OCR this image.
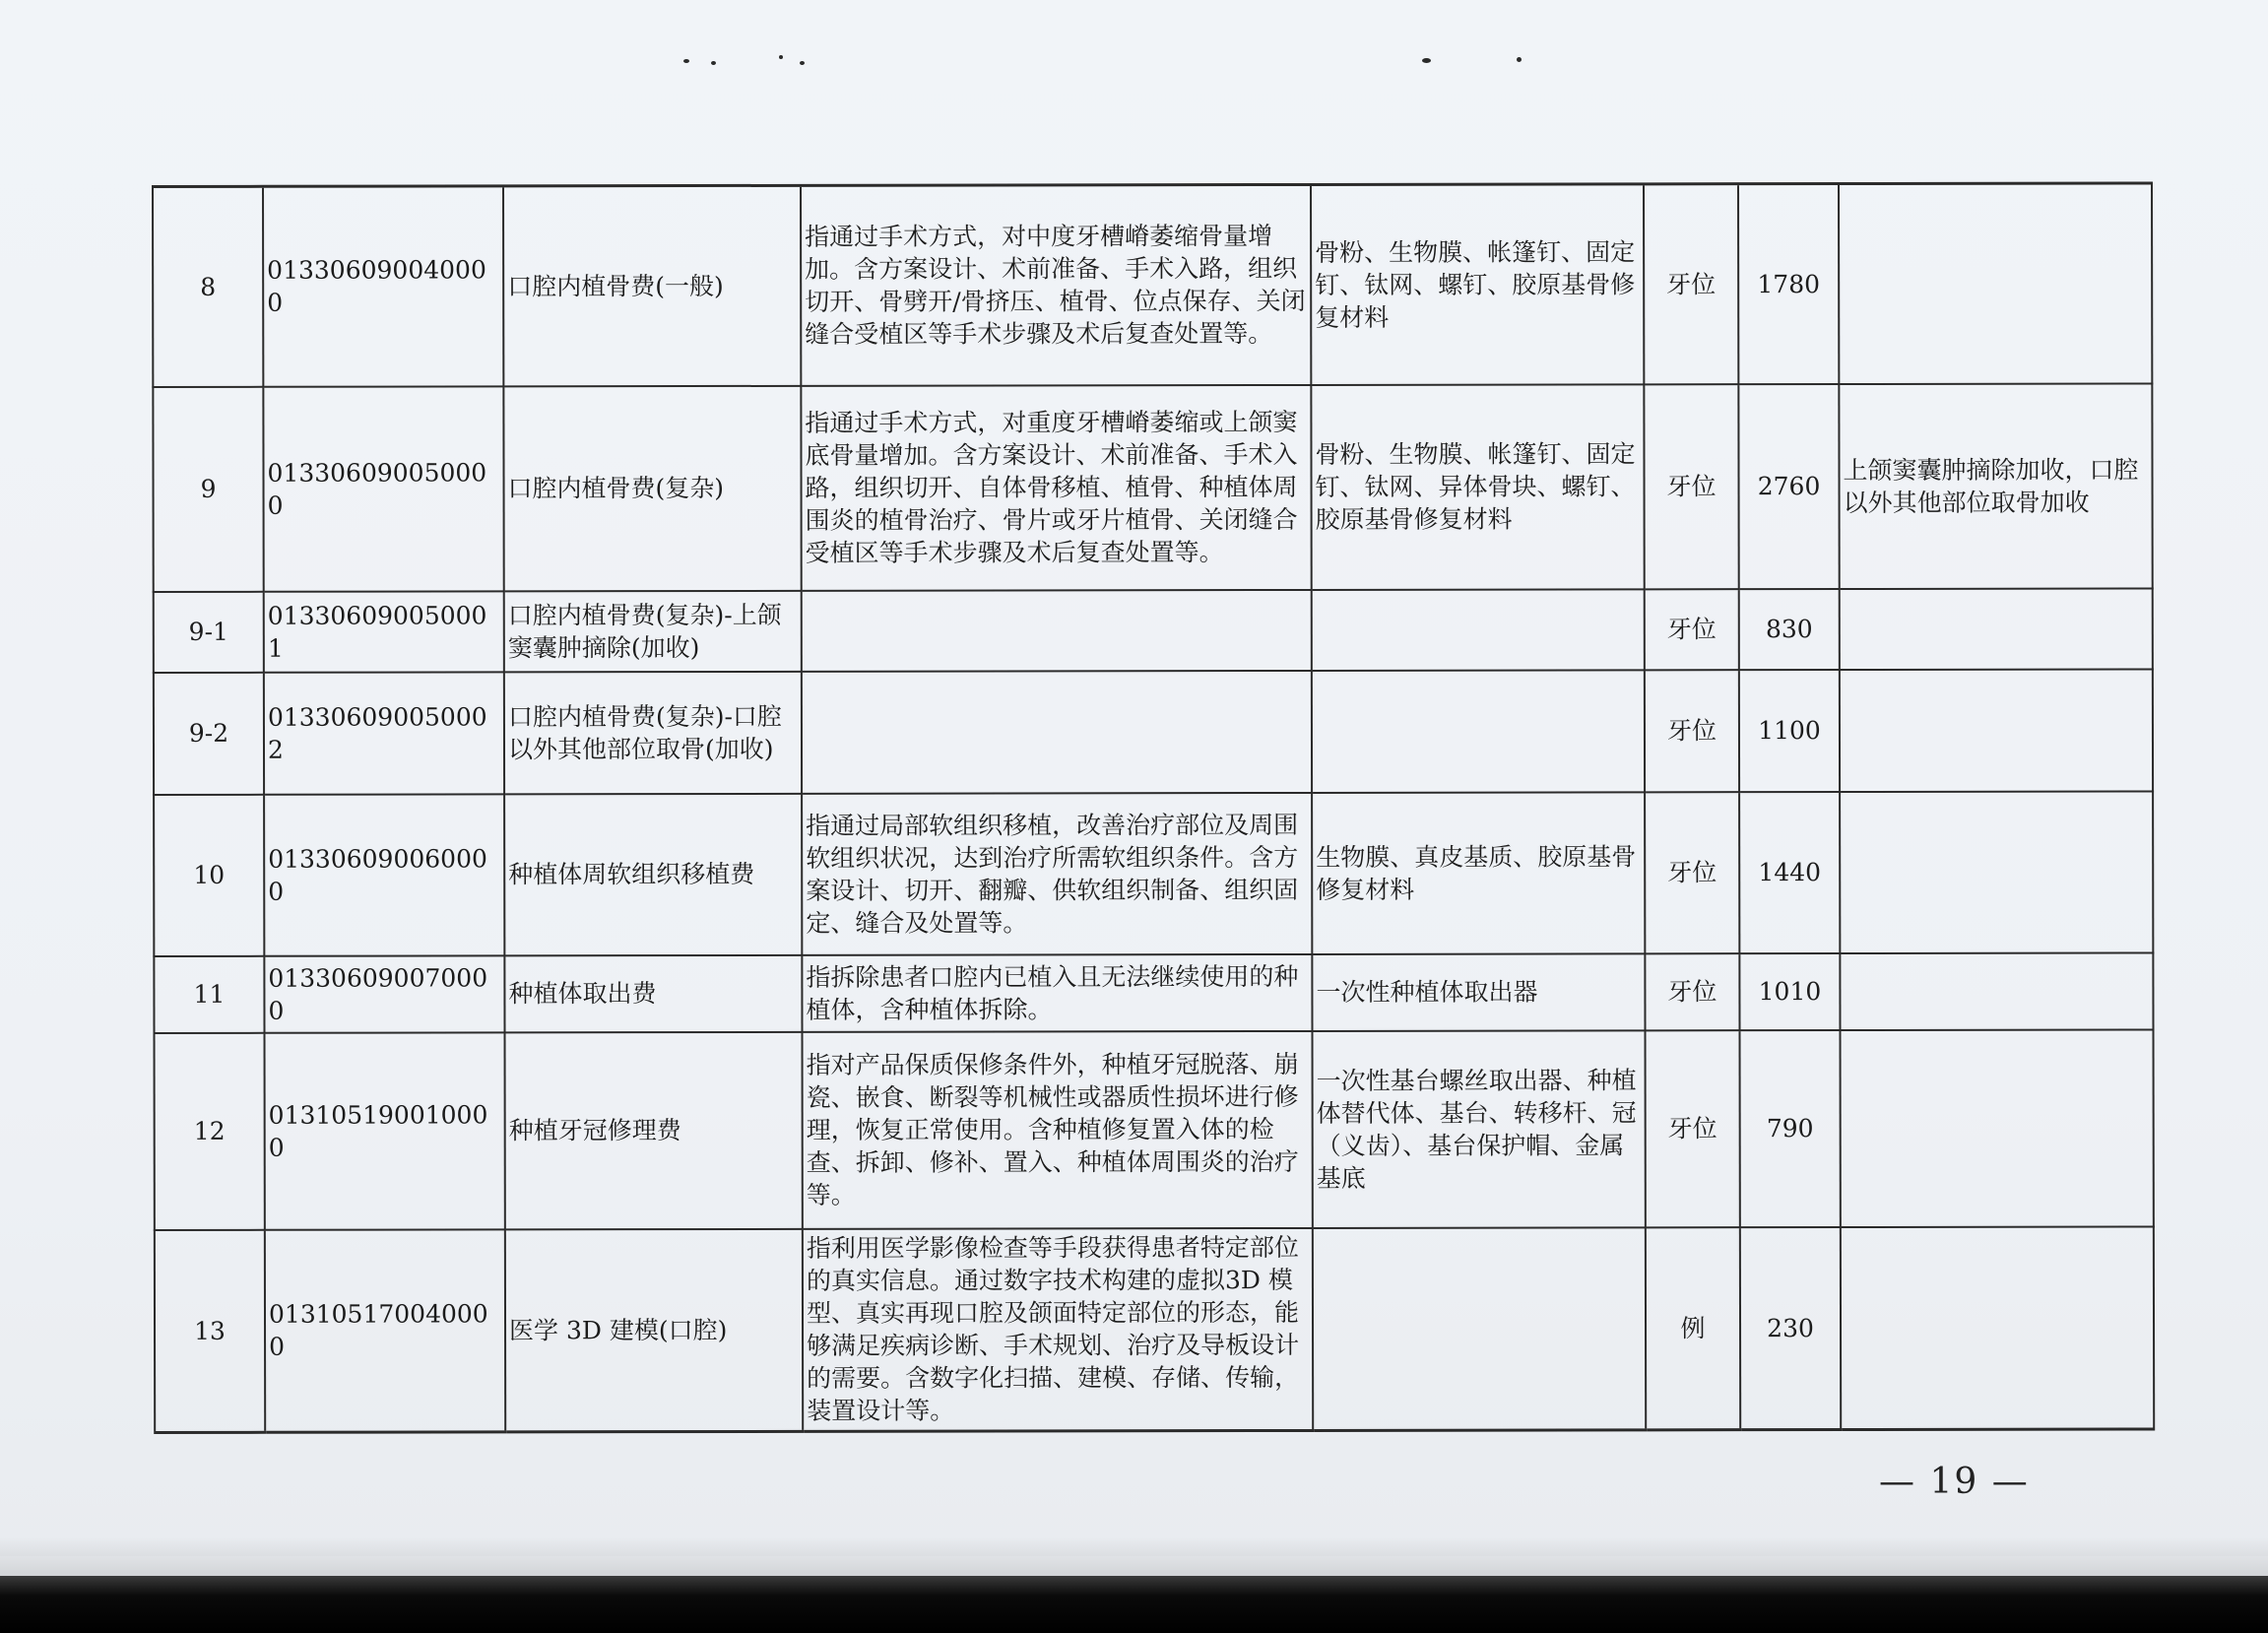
8	013306090040000	口腔内植骨费(一般)	指通过手术方式，对中度牙槽嵴萎缩骨量增加。含方案设计、术前准备、手术入路，组织切开、骨劈开/骨挤压、植骨、位点保存、关闭缝合受植区等手术步骤及术后复查处置等。	骨粉、生物膜、帐篷钉、固定钉、钛网、螺钉、胶原基骨修复材料	牙位	1780	
9	013306090050000	口腔内植骨费(复杂)	指通过手术方式，对重度牙槽嵴萎缩或上颌窦底骨量增加。含方案设计、术前准备、手术入路，组织切开、自体骨移植、植骨、种植体周围炎的植骨治疗、骨片或牙片植骨、关闭缝合受植区等手术步骤及术后复查处置等。	骨粉、生物膜、帐篷钉、固定钉、钛网、异体骨块、螺钉、胶原基骨修复材料	牙位	2760	上颌窦囊肿摘除加收，口腔以外其他部位取骨加收
9-1	013306090050001	口腔内植骨费(复杂)-上颌窦囊肿摘除(加收)			牙位	830	
9-2	013306090050002	口腔内植骨费(复杂)-口腔以外其他部位取骨(加收)			牙位	1100	
10	013306090060000	种植体周软组织移植费	指通过局部软组织移植，改善治疗部位及周围软组织状况，达到治疗所需软组织条件。含方案设计、切开、翻瓣、供软组织制备、组织固定、缝合及处置等。	生物膜、真皮基质、胶原基骨修复材料	牙位	1440	
11	013306090070000	种植体取出费	指拆除患者口腔内已植入且无法继续使用的种植体，含种植体拆除。	一次性种植体取出器	牙位	1010	
12	013105190010000	种植牙冠修理费	指对产品保质保修条件外，种植牙冠脱落、崩瓷、嵌食、断裂等机械性或器质性损坏进行修理，恢复正常使用。含种植修复置入体的检查、拆卸、修补、置入、种植体周围炎的治疗等。	一次性基台螺丝取出器、种植体替代体、基台、转移杆、冠（义齿）、基台保护帽、金属基底	牙位	790	
13	013105170040000	医学 3D 建模(口腔)	指利用医学影像检查等手段获得患者特定部位的真实信息。通过数字技术构建的虚拟3D 模型、真实再现口腔及颌面特定部位的形态，能够满足疾病诊断、手术规划、治疗及导板设计的需要。含数字化扫描、建模、存储、传输，装置设计等。		例	230	
— 19 —
